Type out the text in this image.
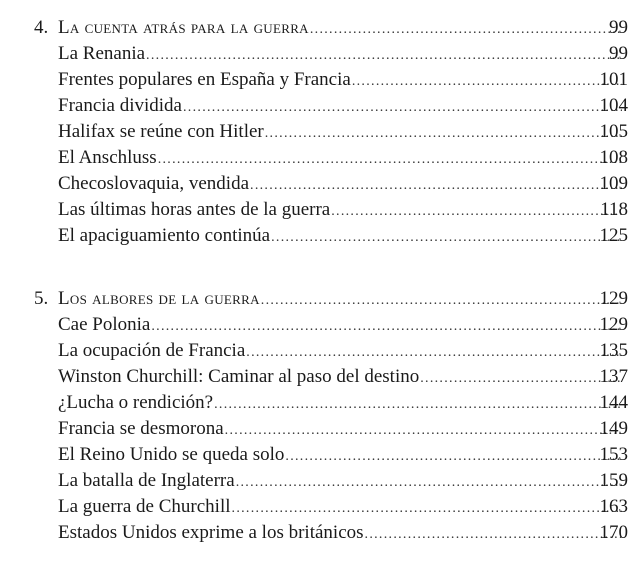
4. La cuenta atrás para la guerra .....	99
La Renania .....	99
Frentes populares en España y Francia .....	101
Francia dividida .....	104
Halifax se reúne con Hitler .....	105
El Anschluss .....	108
Checoslovaquia, vendida .....	109
Las últimas horas antes de la guerra .....	118
El apaciguamiento continúa .....	125
5. Los albores de la guerra .....	129
Cae Polonia .....	129
La ocupación de Francia .....	135
Winston Churchill: Caminar al paso del destino .....	137
¿Lucha o rendición? .....	144
Francia se desmorona .....	149
El Reino Unido se queda solo .....	153
La batalla de Inglaterra .....	159
La guerra de Churchill .....	163
Estados Unidos exprime a los británicos .....	170
